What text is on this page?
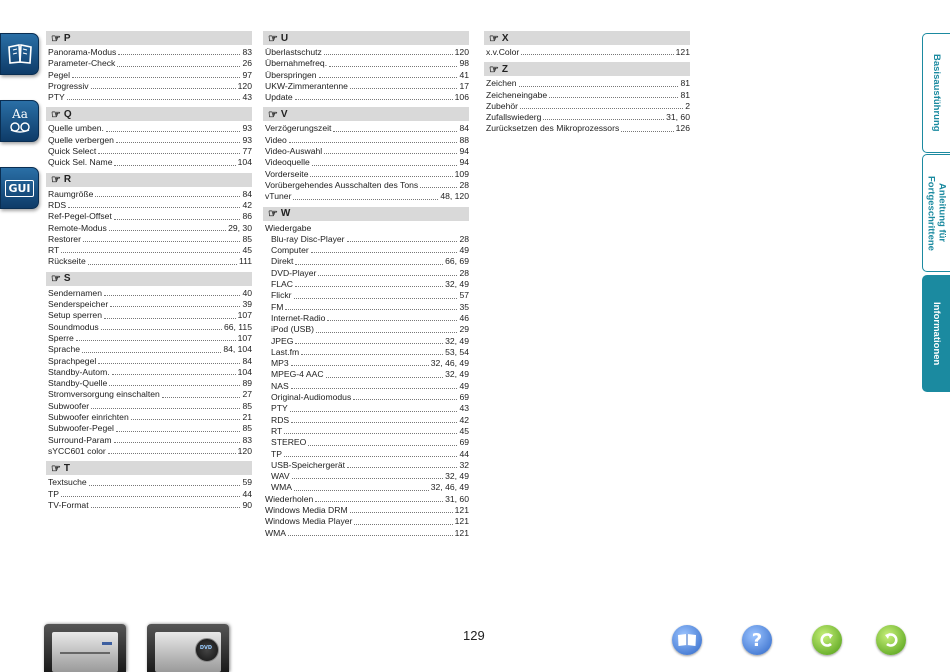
Aa
GUI
☞ P
Panorama-Modus	83
Parameter-Check	26
Pegel	97
Progressiv	120
PTY	43
☞ Q
Quelle umben.	93
Quelle verbergen	93
Quick Select	77
Quick Sel. Name	104
☞ R
Raumgröße	84
RDS	42
Ref-Pegel-Offset	86
Remote-Modus	29, 30
Restorer	85
RT	45
Rückseite	111
☞ S
Sendernamen	40
Senderspeicher	39
Setup sperren	107
Soundmodus	66, 115
Sperre	107
Sprache	84, 104
Sprachpegel	84
Standby-Autom.	104
Standby-Quelle	89
Stromversorgung einschalten	27
Subwoofer	85
Subwoofer einrichten	21
Subwoofer-Pegel	85
Surround-Param	83
sYCC601 color	120
☞ T
Textsuche	59
TP	44
TV-Format	90
☞ U
Überlastschutz	120
Übernahmefreq.	98
Überspringen	41
UKW-Zimmerantenne	17
Update	106
☞ V
Verzögerungszeit	84
Video	88
Video-Auswahl	94
Videoquelle	94
Vorderseite	109
Vorübergehendes Ausschalten des Tons	28
vTuner	48, 120
☞ W
Wiedergabe
Blu-ray Disc-Player	28
Computer	49
Direkt	66, 69
DVD-Player	28
FLAC	32, 49
Flickr	57
FM	35
Internet-Radio	46
iPod (USB)	29
JPEG	32, 49
Last.fm	53, 54
MP3	32, 46, 49
MPEG-4 AAC	32, 49
NAS	49
Original-Audiomodus	69
PTY	43
RDS	42
RT	45
STEREO	69
TP	44
USB-Speichergerät	32
WAV	32, 49
WMA	32, 46, 49
Wiederholen	31, 60
Windows Media DRM	121
Windows Media Player	121
WMA	121
☞ X
x.v.Color	121
☞ Z
Zeichen	81
Zeicheneingabe	81
Zubehör	2
Zufallswiederg	31, 60
Zurücksetzen des Mikroprozessors	126	Basisausführung
Anleitung für Fortgeschrittene
Informationen
DVD
129	?
